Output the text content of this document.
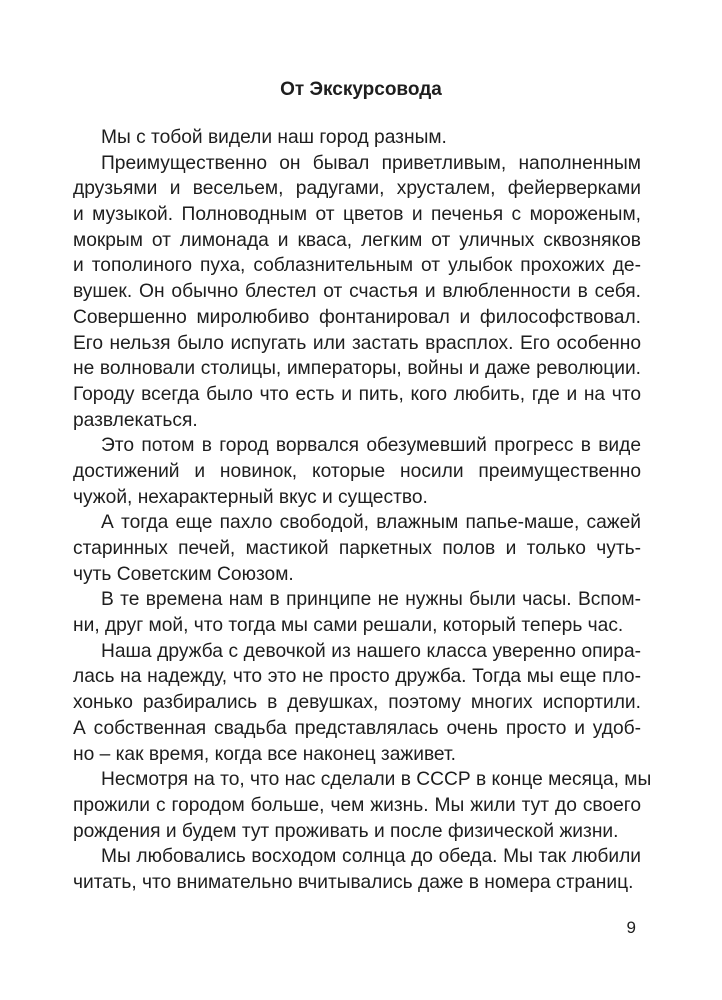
От Экскурсовода
Мы с тобой видели наш город разным.
Преимущественно он бывал приветливым, наполненным
друзьями и весельем, радугами, хрусталем, фейерверками
и музыкой. Полноводным от цветов и печенья с мороженым,
мокрым от лимонада и кваса, легким от уличных сквозняков
и тополиного пуха, соблазнительным от улыбок прохожих де-
вушек. Он обычно блестел от счастья и влюбленности в себя.
Совершенно миролюбиво фонтанировал и философствовал.
Его нельзя было испугать или застать врасплох. Его особенно
не волновали столицы, императоры, войны и даже революции.
Городу всегда было что есть и пить, кого любить, где и на что
развлекаться.
Это потом в город ворвался обезумевший прогресс в виде
достижений и новинок, которые носили преимущественно
чужой, нехарактерный вкус и существо.
А тогда еще пахло свободой, влажным папье-маше, сажей
старинных печей, мастикой паркетных полов и только чуть-
чуть Советским Союзом.
В те времена нам в принципе не нужны были часы. Вспом-
ни, друг мой, что тогда мы сами решали, который теперь час.
Наша дружба с девочкой из нашего класса уверенно опира-
лась на надежду, что это не просто дружба. Тогда мы еще пло-
хонько разбирались в девушках, поэтому многих испортили.
А собственная свадьба представлялась очень просто и удоб-
но – как время, когда все наконец заживет.
Несмотря на то, что нас сделали в СССР в конце месяца, мы
прожили с городом больше, чем жизнь. Мы жили тут до своего
рождения и будем тут проживать и после физической жизни.
Мы любовались восходом солнца до обеда. Мы так любили
читать, что внимательно вчитывались даже в номера страниц.
9
